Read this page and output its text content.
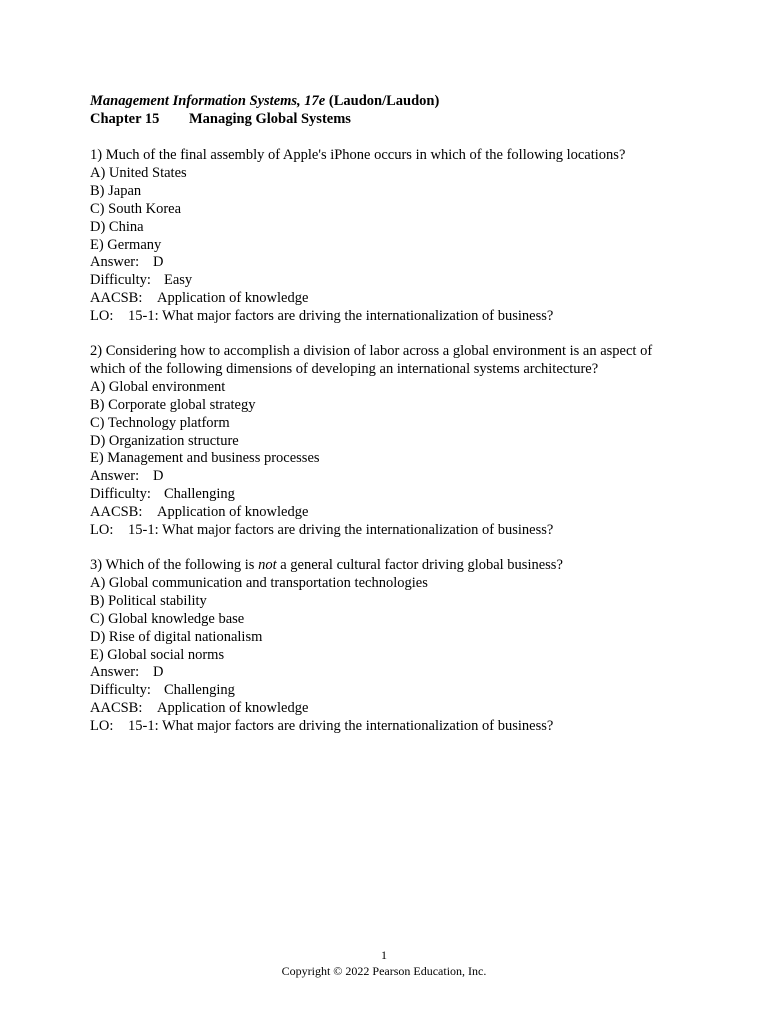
Management Information Systems, 17e (Laudon/Laudon)
Chapter 15 Managing Global Systems
1) Much of the final assembly of Apple's iPhone occurs in which of the following locations?
A) United States
B) Japan
C) South Korea
D) China
E) Germany
Answer: D
Difficulty: Easy
AACSB: Application of knowledge
LO: 15-1: What major factors are driving the internationalization of business?
2) Considering how to accomplish a division of labor across a global environment is an aspect of which of the following dimensions of developing an international systems architecture?
A) Global environment
B) Corporate global strategy
C) Technology platform
D) Organization structure
E) Management and business processes
Answer: D
Difficulty: Challenging
AACSB: Application of knowledge
LO: 15-1: What major factors are driving the internationalization of business?
3) Which of the following is not a general cultural factor driving global business?
A) Global communication and transportation technologies
B) Political stability
C) Global knowledge base
D) Rise of digital nationalism
E) Global social norms
Answer: D
Difficulty: Challenging
AACSB: Application of knowledge
LO: 15-1: What major factors are driving the internationalization of business?
1
Copyright © 2022 Pearson Education, Inc.
